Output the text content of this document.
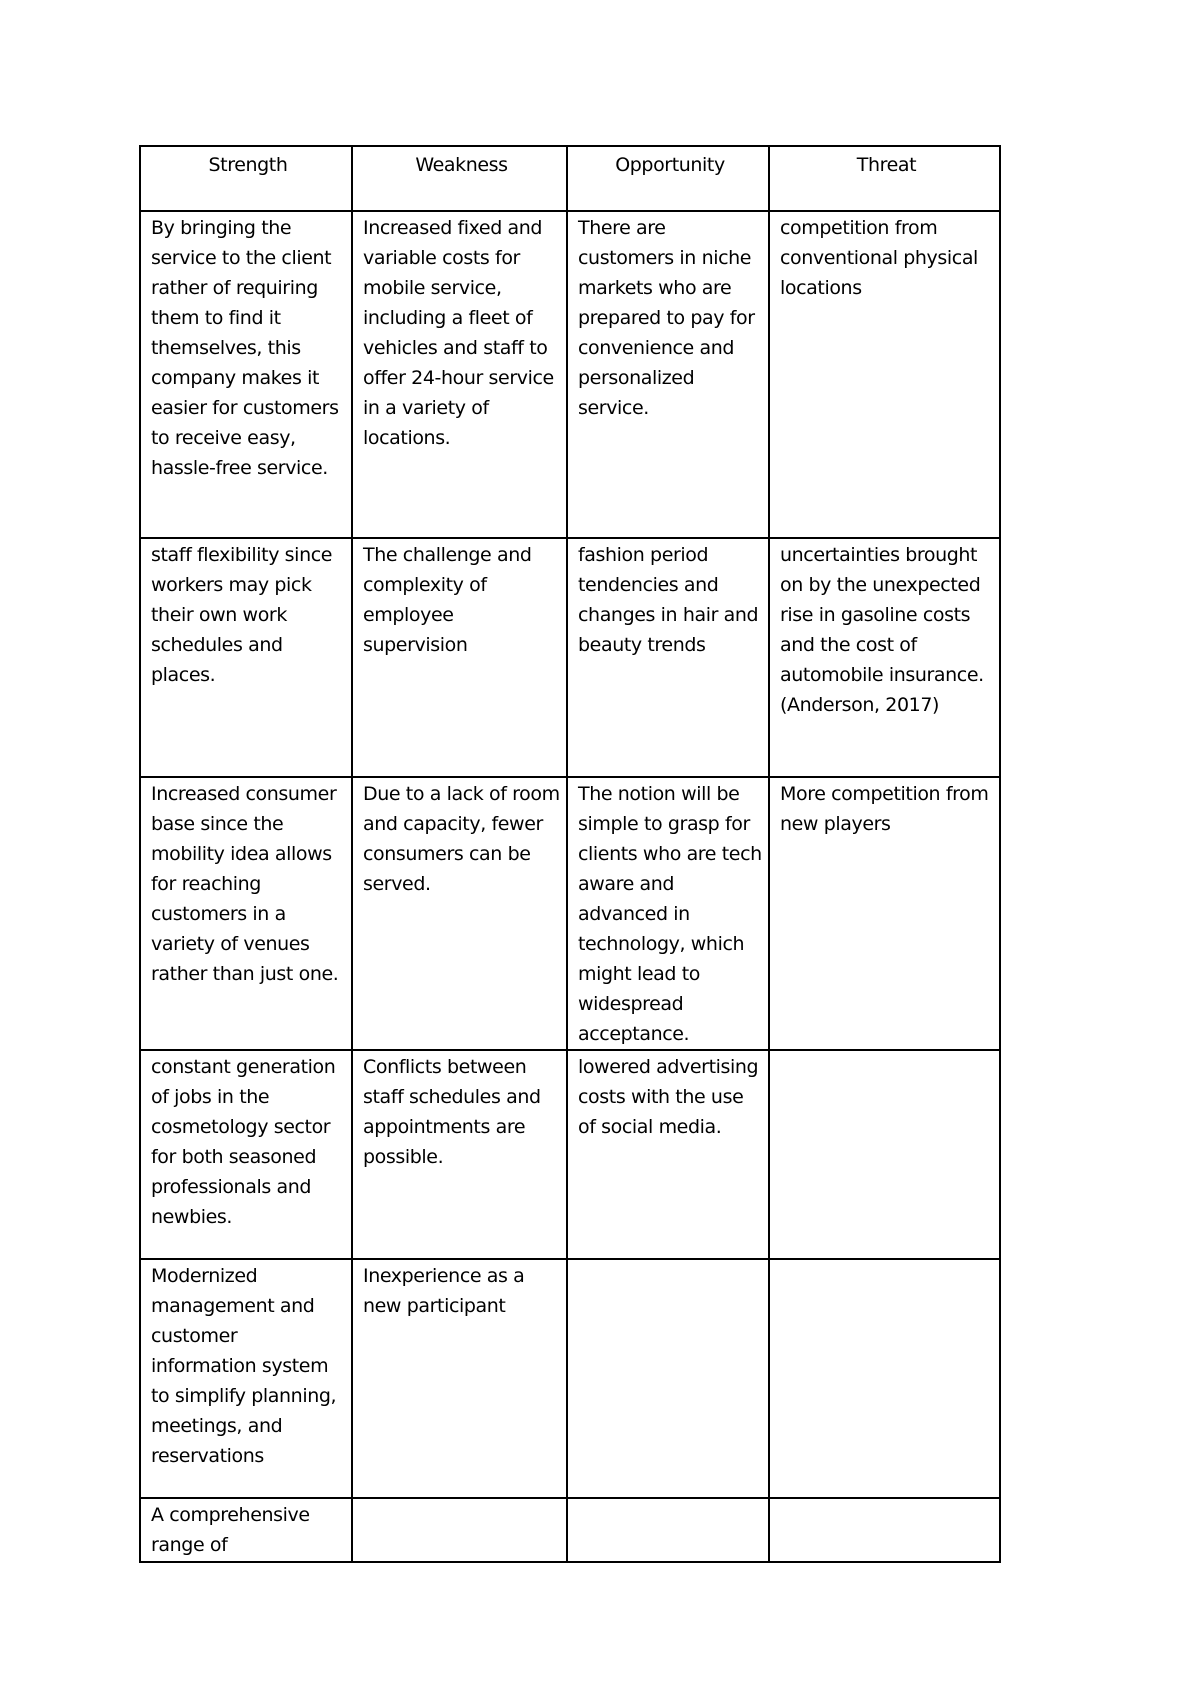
Strength	Weakness	Opportunity	Threat
By bringing the service to the client rather of requiring them to find it themselves, this company makes it easier for customers to receive easy, hassle-free service.	Increased fixed and variable costs for mobile service, including a fleet of vehicles and staff to offer 24-hour service in a variety of locations.	There are customers in niche markets who are prepared to pay for convenience and personalized service.	competition from conventional physical locations
staff flexibility since workers may pick their own work schedules and places.	The challenge and complexity of employee supervision	fashion period tendencies and changes in hair and beauty trends	uncertainties brought on by the unexpected rise in gasoline costs and the cost of automobile insurance. (Anderson, 2017)
Increased consumer base since the mobility idea allows for reaching customers in a variety of venues rather than just one.	Due to a lack of room and capacity, fewer consumers can be served.	The notion will be simple to grasp for clients who are tech aware and advanced in technology, which might lead to widespread acceptance.	More competition from new players
constant generation of jobs in the cosmetology sector for both seasoned professionals and newbies.	Conflicts between staff schedules and appointments are possible.	lowered advertising costs with the use of social media.	
Modernized management and customer information system to simplify planning, meetings, and reservations	Inexperience as a new participant		
A comprehensive range of			
